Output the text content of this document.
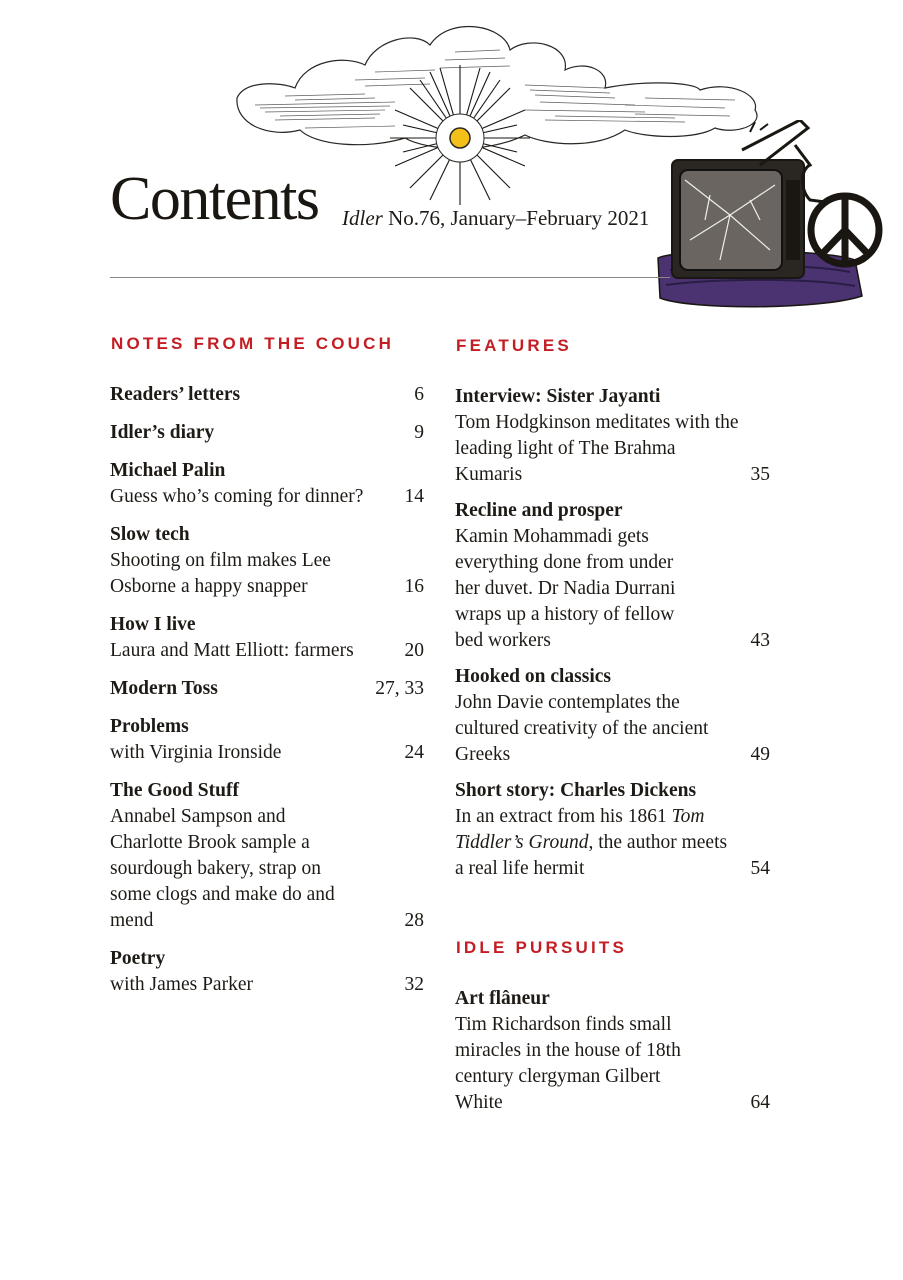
Contents Idler No.76, January–February 2021
NOTES FROM THE COUCH	FEATURES
IDLE PURSUITS
Readers’ letters	6
Idler’s diary	9
Michael Palin
Guess who’s coming for dinner?	14
Slow tech
Shooting on film makes Lee Osborne a happy snapper	16
How I live
Laura and Matt Elliott: farmers	20
Modern Toss	27, 33
Problems
with Virginia Ironside	24
The Good Stuff
Annabel Sampson and Charlotte Brook sample a sourdough bakery, strap on some clogs and make do and mend	28
Poetry
with James Parker	32
Interview: Sister Jayanti
Tom Hodgkinson meditates with the leading light of The Brahma Kumaris	35
Recline and prosper
Kamin Mohammadi gets everything done from under her duvet. Dr Nadia Durrani wraps up a history of fellow bed workers	43
Hooked on classics
John Davie contemplates the cultured creativity of the ancient Greeks	49
Short story: Charles Dickens
In an extract from his 1861 Tom Tiddler’s Ground, the author meets a real life hermit	54
Art flâneur
Tim Richardson finds small miracles in the house of 18th century clergyman Gilbert White	64
